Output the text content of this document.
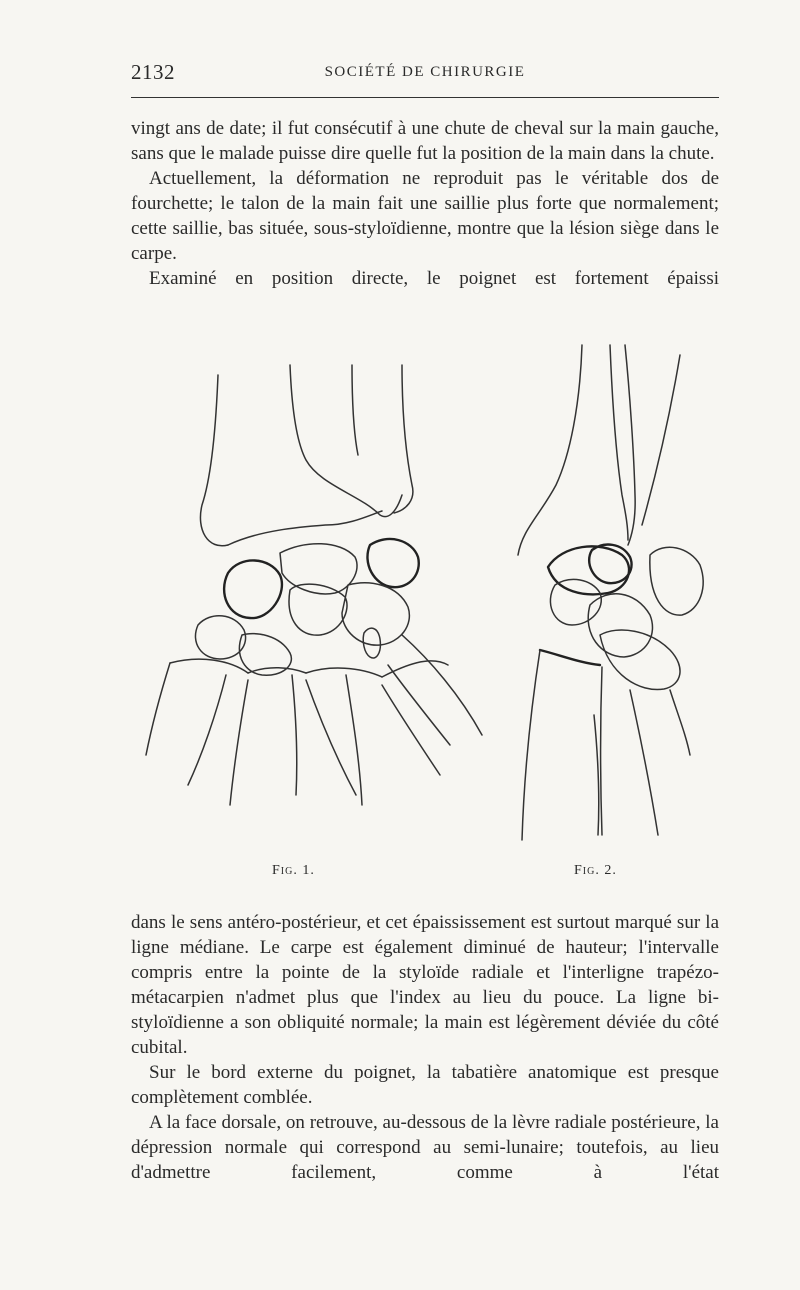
2132	SOCIÉTÉ DE CHIRURGIE

vingt ans de date; il fut consécutif à une chute de cheval sur la main gauche, sans que le malade puisse dire quelle fut la position de la main dans la chute.

Actuellement, la déformation ne reproduit pas le véritable dos de fourchette; le talon de la main fait une saillie plus forte que normalement; cette saillie, bas située, sous-styloïdienne, montre que la lésion siège dans le carpe.

Examiné en position directe, le poignet est fortement épaissi

Fig. 1.	Fig. 2.

dans le sens antéro-postérieur, et cet épaississement est surtout marqué sur la ligne médiane. Le carpe est également diminué de hauteur; l'intervalle compris entre la pointe de la styloïde radiale et l'interligne trapézo-métacarpien n'admet plus que l'index au lieu du pouce. La ligne bi-styloïdienne a son obliquité normale; la main est légèrement déviée du côté cubital.

Sur le bord externe du poignet, la tabatière anatomique est presque complètement comblée.

A la face dorsale, on retrouve, au-dessous de la lèvre radiale postérieure, la dépression normale qui correspond au semi-lunaire; toutefois, au lieu d'admettre facilement, comme à l'état
